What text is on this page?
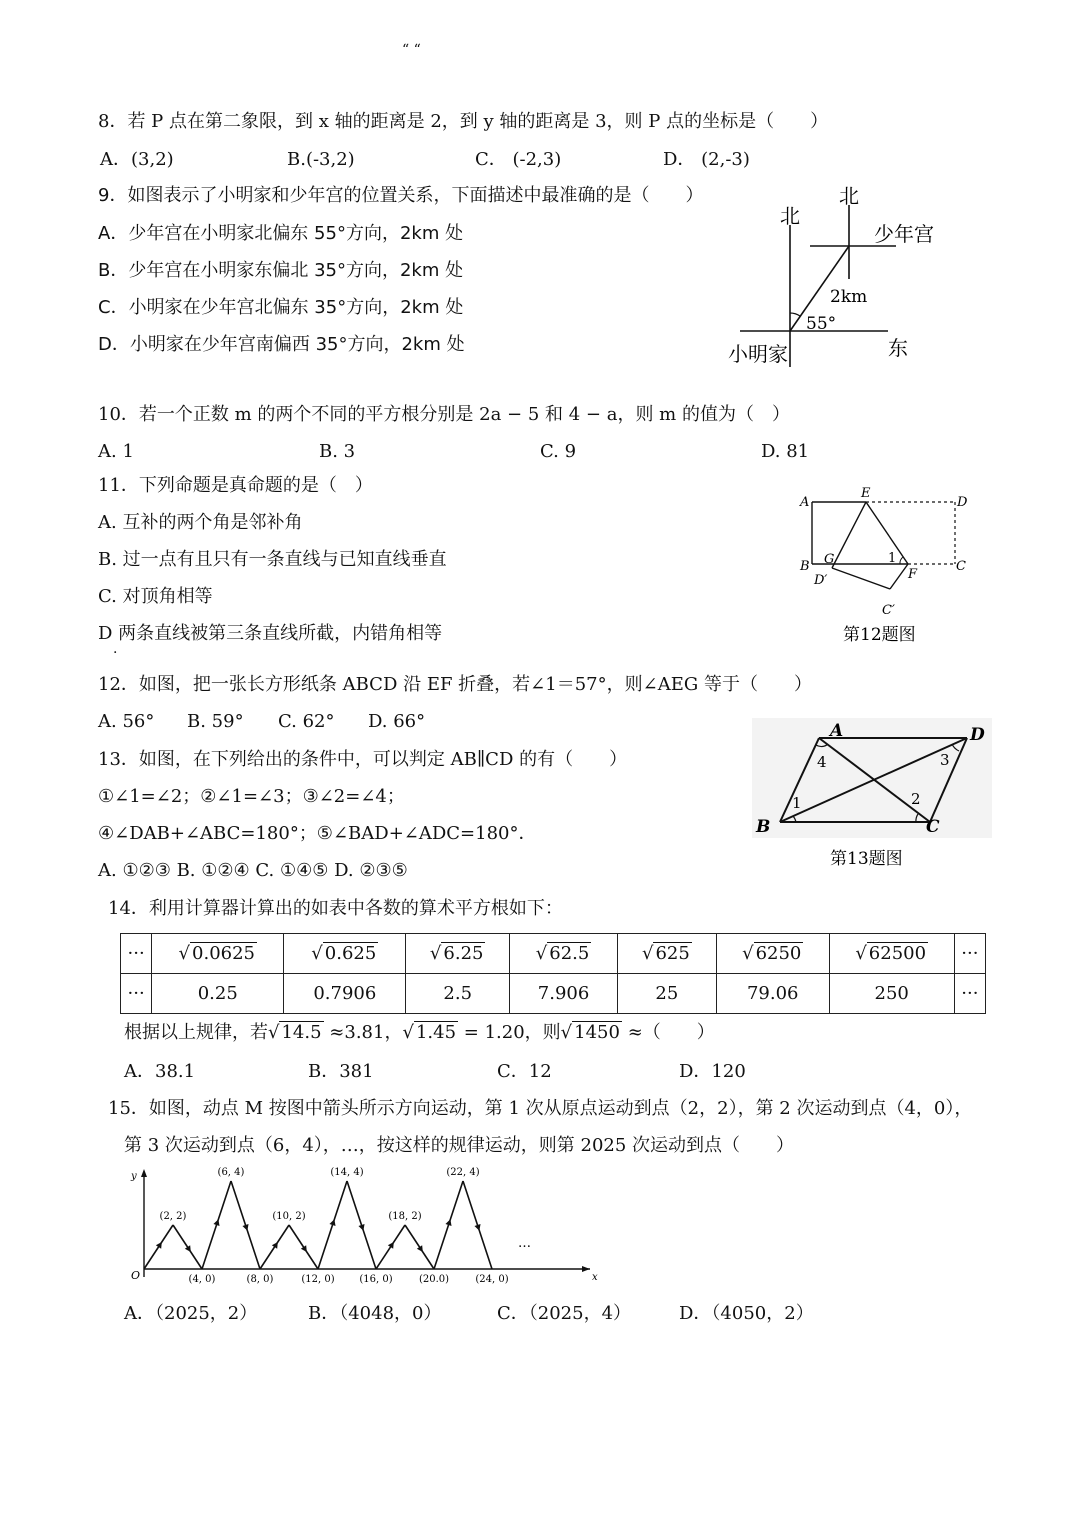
“ “
8．若 P 点在第二象限，到 x 轴的距离是 2，到 y 轴的距离是 3，则 P 点的坐标是（　　）
A．(3,2)	B.(-3,2)	C． (-2,3)	D． (2,-3)
9．如图表示了小明家和少年宫的位置关系，下面描述中最准确的是（　　）
A．少年宫在小明家北偏东 55°方向，2km 处
B．少年宫在小明家东偏北 35°方向，2km 处
C．小明家在少年宫北偏东 35°方向，2km 处
D．小明家在少年宫南偏西 35°方向，2km 处
北
北
少年宫
2km
55°
小明家	东
10．若一个正数 m 的两个不同的平方根分别是 2a − 5 和 4 − a，则 m 的值为（　）
A. 1	B. 3	C. 9	D. 81
11．下列命题是真命题的是（　）
A. 互补的两个角是邻补角
B. 过一点有且只有一条直线与已知直线垂直
C. 对顶角相等
D 两条直线被第三条直线所截，内错角相等
·
A
E
D
B G	1
F
C
D′
C′
第12题图
12．如图，把一张长方形纸条 ABCD 沿 EF 折叠，若∠1＝57°，则∠AEG 等于（　　）
A. 56° B. 59° C. 62° D. 66°	A	D
B	C
1	2
3
4
第13题图
13．如图，在下列给出的条件中，可以判定 AB∥CD 的有（　　）
①∠1=∠2；②∠1=∠3；③∠2=∠4；
④∠DAB+∠ABC=180°；⑤∠BAD+∠ADC=180°．
A. ①②③ B. ①②④ C. ①④⑤ D. ②③⑤
14．利用计算器计算出的如表中各数的算术平方根如下：
···	√ 0.0625	√ 0.625	√ 6.25	√ 62.5	√ 625	√ 6250	√ 62500	···
···	0.25	0.7906	2.5	7.906	25	79.06	250	···
根据以上规律，若√ 14.5 ≈3.81，√ 1.45 = 1.20，则√ 1450 ≈（　　）
A．38.1	B．381	C．12	D．120
15．如图，动点 M 按图中箭头所示方向运动，第 1 次从原点运动到点（2，2），第 2 次运动到点（4，0），
第 3 次运动到点（6，4），…，按这样的规律运动，则第 2025 次运动到点（　　）
x
y
O
(2, 2)
(4, 0)
(6, 4)
(8, 0)
(10, 2)
(12, 0)
(14, 4)
(16, 0)
(18, 2)
(20.0)
(22, 4)
(24, 0)
…
A．（2025，2）	B．（4048，0）	C．（2025，4）	D．（4050，2）
